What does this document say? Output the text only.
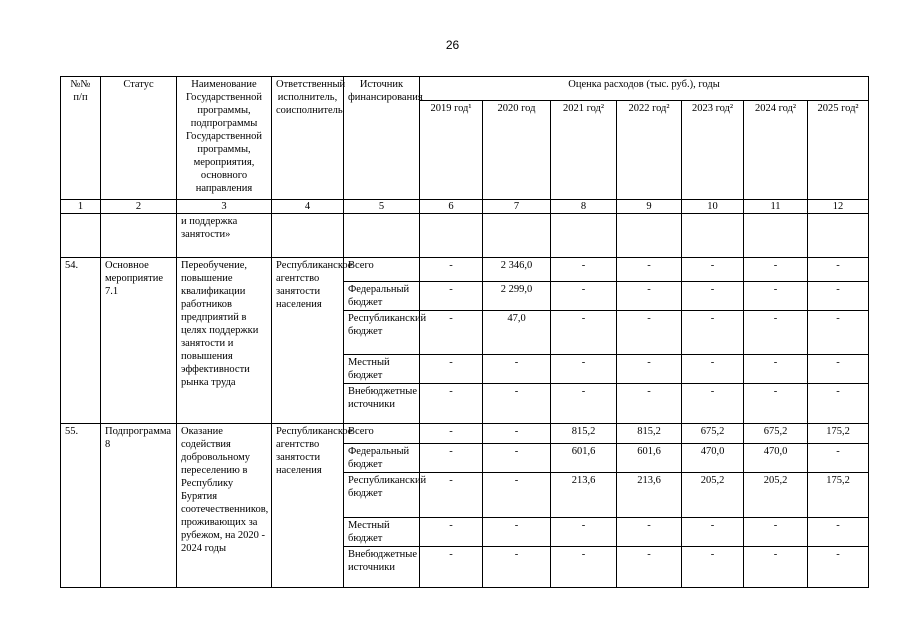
26
№№ п/п	Статус	Наименование Государственной программы, подпрограммы Государственной программы, мероприятия, основного направления	Ответственный исполнитель, соисполнитель	Источник финансирования	Оценка расходов (тыс. руб.), годы						
					2019 год¹	2020 год	2021 год²	2022 год²	2023 год²	2024 год²	2025 год²
1	2	3	4	5	6	7	8	9	10	11	12
		и поддержка занятости»									
54.	Основное мероприятие 7.1	Переобучение, повышение квалификации работников предприятий в целях поддержки занятости и повышения эффективности рынка труда	Республиканское агентство занятости населения	Всего	-	2 346,0	-	-	-	-	-
				Федеральный бюджет	-	2 299,0	-	-	-	-	-
				Республиканский бюджет	-	47,0	-	-	-	-	-
				Местный бюджет	-	-	-	-	-	-	-
				Внебюджетные источники	-	-	-	-	-	-	-
55.	Подпрограмма 8	Оказание содействия добровольному переселению в Республику Бурятия соотечественников, проживающих за рубежом, на 2020 - 2024 годы	Республиканское агентство занятости населения	Всего	-	-	815,2	815,2	675,2	675,2	175,2
				Федеральный бюджет	-	-	601,6	601,6	470,0	470,0	-
				Республиканский бюджет	-	-	213,6	213,6	205,2	205,2	175,2
				Местный бюджет	-	-	-	-	-	-	-
				Внебюджетные источники	-	-	-	-	-	-	-
